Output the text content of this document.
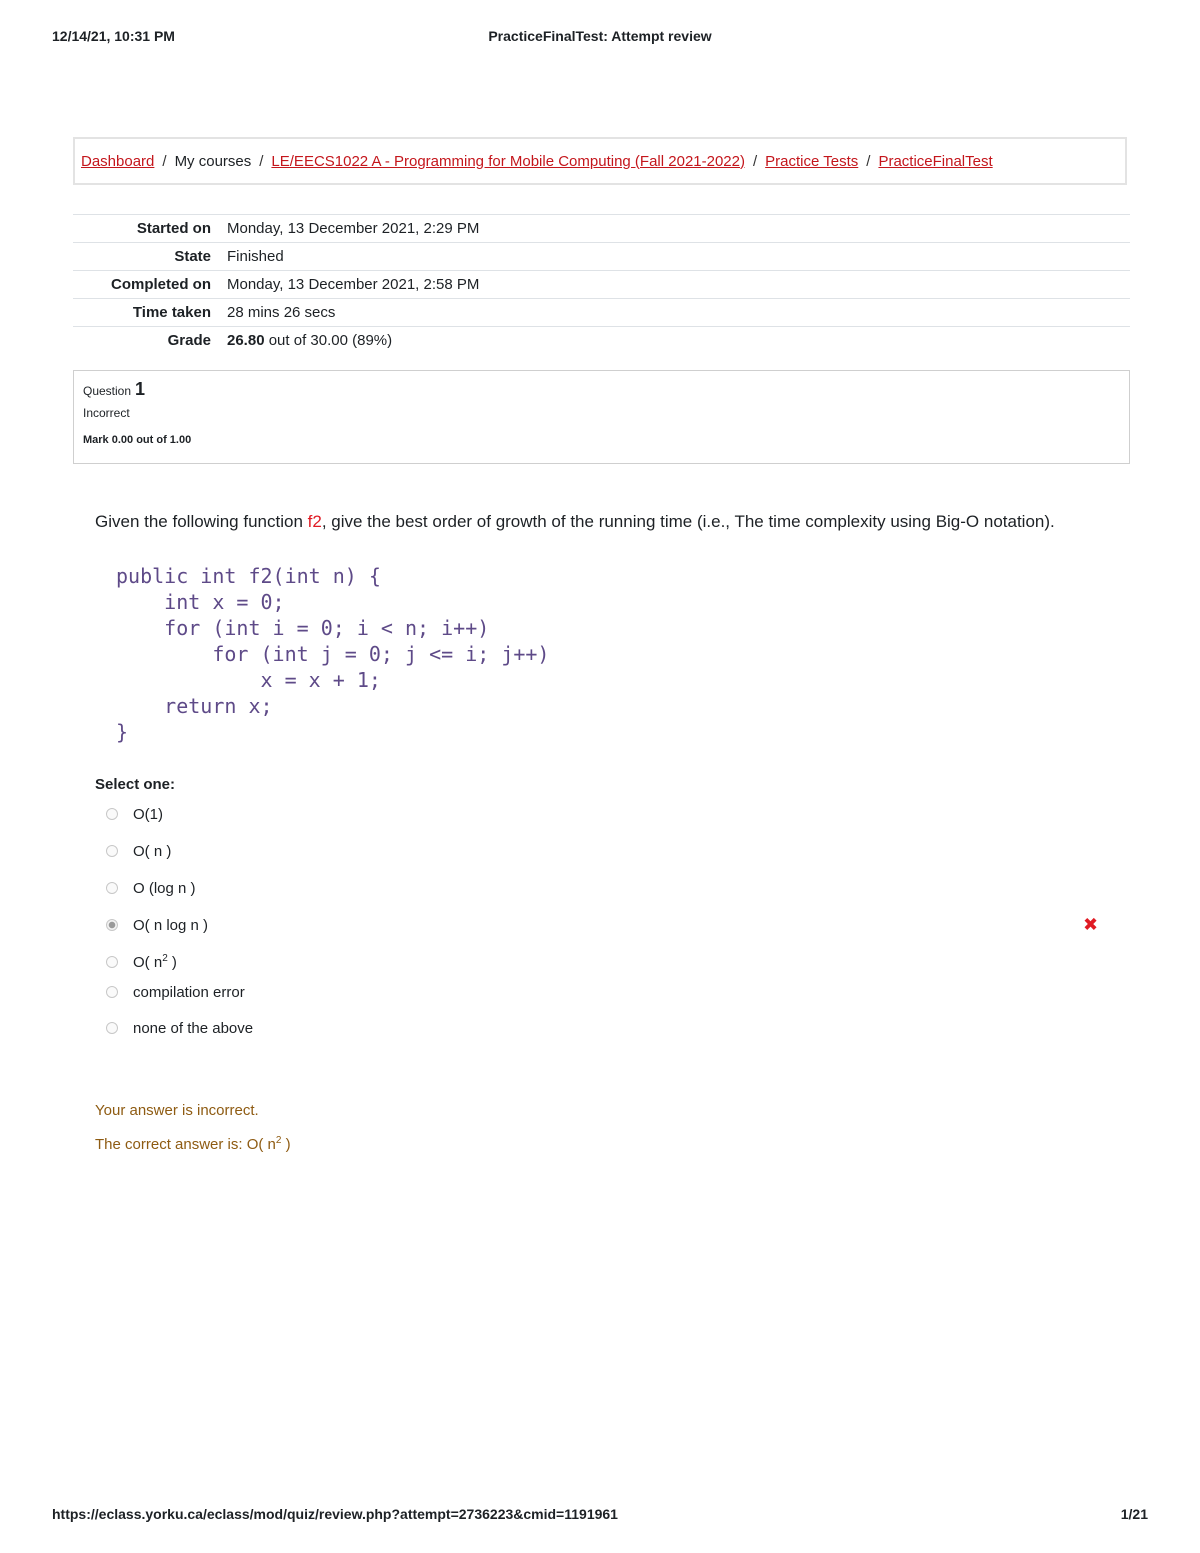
12/14/21, 10:31 PM	PracticeFinalTest: Attempt review
Dashboard / My courses / LE/EECS1022 A - Programming for Mobile Computing (Fall 2021-2022) / Practice Tests / PracticeFinalTest
Started on	Monday, 13 December 2021, 2:29 PM
State	Finished
Completed on	Monday, 13 December 2021, 2:58 PM
Time taken	28 mins 26 secs
Grade	26.80 out of 30.00 (89%)
Question 1
Incorrect
Mark 0.00 out of 1.00
Given the following function f2, give the best order of growth of the running time (i.e., The time complexity using Big-O notation).
public int f2(int n) {
int x = 0;
for (int i = 0; i < n; i++)
for (int j = 0; j <= i; j++)
x = x + 1;
return x;
}
Select one:
O(1)
O( n )
O (log n )
O( n log n )	✖
O( $n^2$ )
compilation error
none of the above
Your answer is incorrect.
The correct answer is: O( $n^2$ )
https://eclass.yorku.ca/eclass/mod/quiz/review.php?attempt=2736223&cmid=1191961	1/21
